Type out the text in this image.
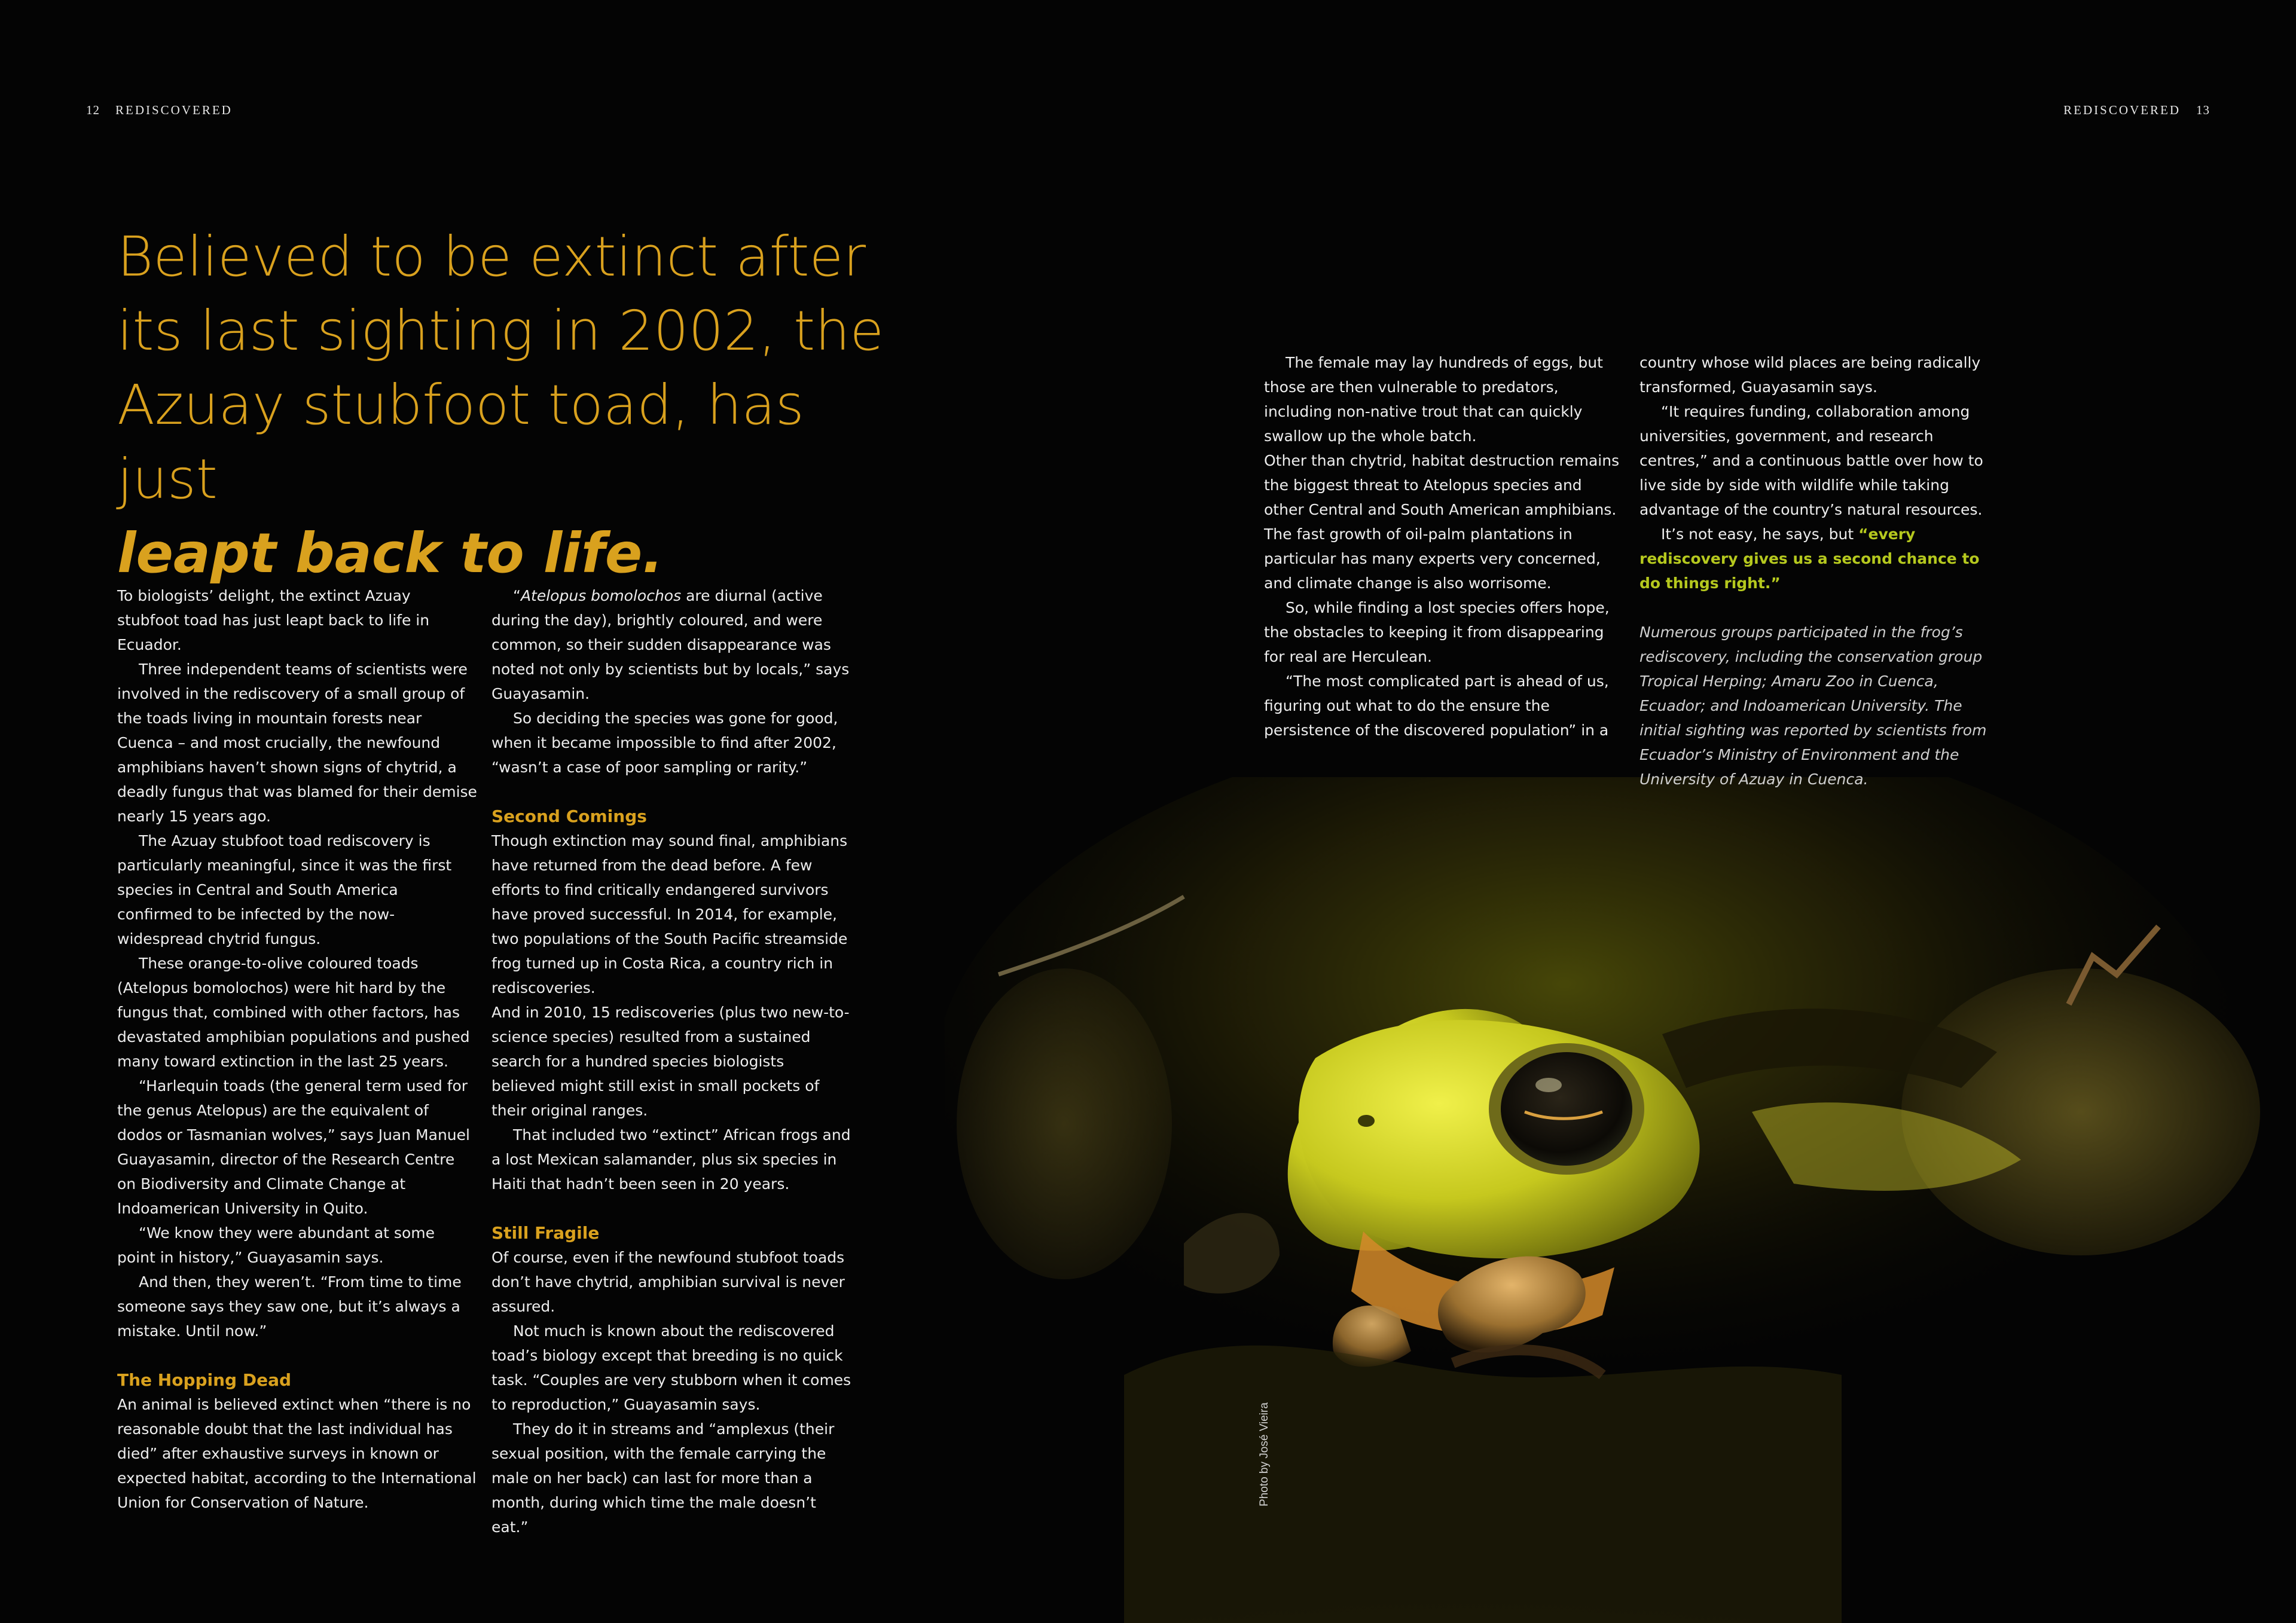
12 REDISCOVERED	REDISCOVERED 13
Believed to be extinct after
its last sighting in 2002, the
Azuay stubfoot toad, has just
leapt back to life.

To biologists’ delight, the extinct Azuay stubfoot toad has just leapt back to life in Ecuador.

Three independent teams of scientists were involved in the rediscovery of a small group of the toads living in mountain forests near Cuenca – and most crucially, the newfound amphibians haven’t shown signs of chytrid, a deadly fungus that was blamed for their demise nearly 15 years ago.

The Azuay stubfoot toad rediscovery is particularly meaningful, since it was the first species in Central and South America confirmed to be infected by the now-widespread chytrid fungus.

These orange-to-olive coloured toads (Atelopus bomolochos) were hit hard by the fungus that, combined with other factors, has devastated amphibian populations and pushed many toward extinction in the last 25 years.

“Harlequin toads (the general term used for the genus Atelopus) are the equivalent of dodos or Tasmanian wolves,” says Juan Manuel Guayasamin, director of the Research Centre on Biodiversity and Climate Change at Indoamerican University in Quito.

“We know they were abundant at some point in history,” Guayasamin says.

And then, they weren’t. “From time to time someone says they saw one, but it’s always a mistake. Until now.”

The Hopping Dead

An animal is believed extinct when “there is no reasonable doubt that the last individual has died” after exhaustive surveys in known or expected habitat, according to the International Union for Conservation of Nature.

“Atelopus bomolochos are diurnal (active during the day), brightly coloured, and were common, so their sudden disappearance was noted not only by scientists but by locals,” says Guayasamin.

So deciding the species was gone for good, when it became impossible to find after 2002, “wasn’t a case of poor sampling or rarity.”

Second Comings

Though extinction may sound final, amphibians have returned from the dead before. A few efforts to find critically endangered survivors have proved successful. In 2014, for example, two populations of the South Pacific streamside frog turned up in Costa Rica, a country rich in rediscoveries.

And in 2010, 15 rediscoveries (plus two new-to-science species) resulted from a sustained search for a hundred species biologists believed might still exist in small pockets of their original ranges.

That included two “extinct” African frogs and a lost Mexican salamander, plus six species in Haiti that hadn’t been seen in 20 years.

Still Fragile

Of course, even if the newfound stubfoot toads don’t have chytrid, amphibian survival is never assured.

Not much is known about the rediscovered toad’s biology except that breeding is no quick task. “Couples are very stubborn when it comes to reproduction,” Guayasamin says.

They do it in streams and “amplexus (their sexual position, with the female carrying the male on her back) can last for more than a month, during which time the male doesn’t eat.”

The female may lay hundreds of eggs, but those are then vulnerable to predators, including non-native trout that can quickly swallow up the whole batch.

Other than chytrid, habitat destruction remains the biggest threat to Atelopus species and other Central and South American amphibians. The fast growth of oil-palm plantations in particular has many experts very concerned, and climate change is also worrisome.

So, while finding a lost species offers hope, the obstacles to keeping it from disappearing for real are Herculean.

“The most complicated part is ahead of us, figuring out what to do the ensure the persistence of the discovered population” in a

country whose wild places are being radically transformed, Guayasamin says.

“It requires funding, collaboration among universities, government, and research centres,” and a continuous battle over how to live side by side with wildlife while taking advantage of the country’s natural resources.

It’s not easy, he says, but “every rediscovery gives us a second chance to do things right.”

Numerous groups participated in the frog’s rediscovery, including the conservation group Tropical Herping; Amaru Zoo in Cuenca, Ecuador; and Indoamerican University. The initial sighting was reported by scientists from Ecuador’s Ministry of Environment and the University of Azuay in Cuenca.

Photo by José Vieira
